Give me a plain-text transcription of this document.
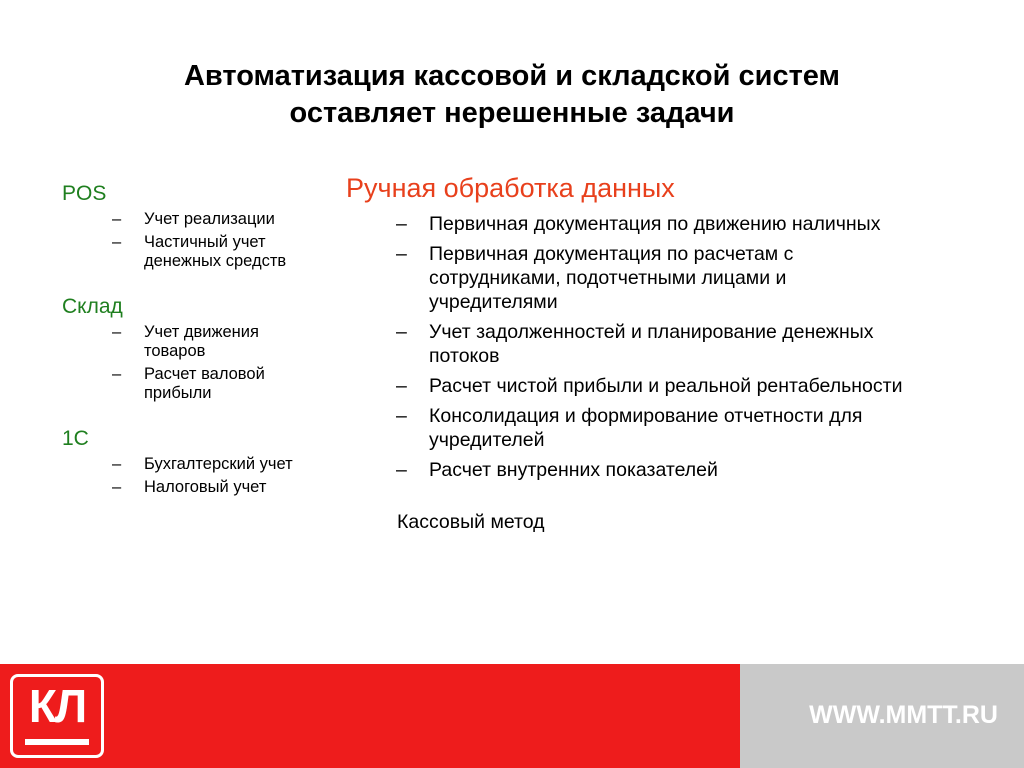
Автоматизация кассовой и складской систем
оставляет нерешенные задачи
POS
– Учет реализации
– Частичный учет денежных средств
Склад
– Учет движения товаров
– Расчет валовой прибыли
1С
– Бухгалтерский учет
– Налоговый учет
Ручная обработка данных
– Первичная документация по движению наличных
– Первичная документация по расчетам с сотрудниками, подотчетными лицами и учредителями
– Учет задолженностей и планирование денежных потоков
– Расчет чистой прибыли и реальной рентабельности
– Консолидация и формирование отчетности для учредителей
– Расчет внутренних показателей
Кассовый метод
КЛ	WWW.MMTT.RU
